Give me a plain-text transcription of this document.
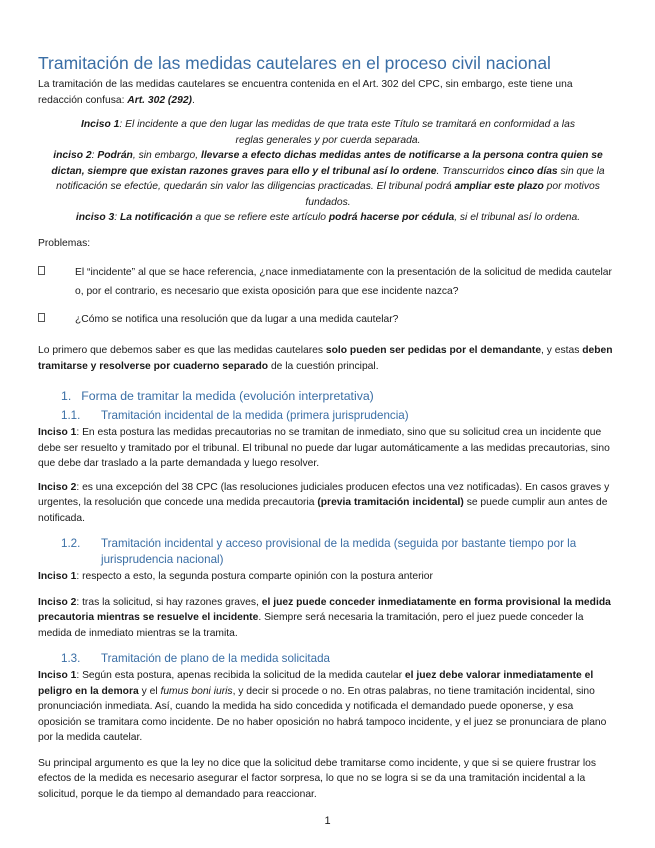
Tramitación de las medidas cautelares en el proceso civil nacional

La tramitación de las medidas cautelares se encuentra contenida en el Art. 302 del CPC, sin embargo, este tiene una redacción confusa: Art. 302 (292).

Inciso 1: El incidente a que den lugar las medidas de que trata este Título se tramitará en conformidad a las reglas generales y por cuerda separada.
inciso 2: Podrán, sin embargo, llevarse a efecto dichas medidas antes de notificarse a la persona contra quien se dictan, siempre que existan razones graves para ello y el tribunal así lo ordene. Transcurridos cinco días sin que la notificación se efectúe, quedarán sin valor las diligencias practicadas. El tribunal podrá ampliar este plazo por motivos fundados.
inciso 3: La notificación a que se refiere este artículo podrá hacerse por cédula, si el tribunal así lo ordena.

Problemas:

El “incidente” al que se hace referencia, ¿nace inmediatamente con la presentación de la solicitud de medida cautelar o, por el contrario, es necesario que exista oposición para que ese incidente nazca?

¿Cómo se notifica una resolución que da lugar a una medida cautelar?

Lo primero que debemos saber es que las medidas cautelares solo pueden ser pedidas por el demandante, y estas deben tramitarse y resolverse por cuaderno separado de la cuestión principal.

1. Forma de tramitar la medida (evolución interpretativa)
1.1.	Tramitación incidental de la medida (primera jurisprudencia)

Inciso 1: En esta postura las medidas precautorias no se tramitan de inmediato, sino que su solicitud crea un incidente que debe ser resuelto y tramitado por el tribunal. El tribunal no puede dar lugar automáticamente a las medidas precautorias, sino que debe dar traslado a la parte demandada y luego resolver.

Inciso 2: es una excepción del 38 CPC (las resoluciones judiciales producen efectos una vez notificadas). En casos graves y urgentes, la resolución que concede una medida precautoria (previa tramitación incidental) se puede cumplir aun antes de notificada.

1.2.	Tramitación incidental y acceso provisional de la medida (seguida por bastante tiempo por la jurisprudencia nacional)

Inciso 1: respecto a esto, la segunda postura comparte opinión con la postura anterior

Inciso 2: tras la solicitud, si hay razones graves, el juez puede conceder inmediatamente en forma provisional la medida precautoria mientras se resuelve el incidente. Siempre será necesaria la tramitación, pero el juez puede conceder la medida de inmediato mientras se la tramita.

1.3.	Tramitación de plano de la medida solicitada

Inciso 1: Según esta postura, apenas recibida la solicitud de la medida cautelar el juez debe valorar inmediatamente el peligro en la demora y el fumus boni iuris, y decir si procede o no. En otras palabras, no tiene tramitación incidental, sino pronunciación inmediata. Así, cuando la medida ha sido concedida y notificada el demandado puede oponerse, y esa oposición se tramitara como incidente. De no haber oposición no habrá tampoco incidente, y el juez se pronunciara de plano por la medida cautelar.

Su principal argumento es que la ley no dice que la solicitud debe tramitarse como incidente, y que si se quiere frustrar los efectos de la medida es necesario asegurar el factor sorpresa, lo que no se logra si se da una tramitación incidental a la solicitud, porque le da tiempo al demandado para reaccionar.

1
